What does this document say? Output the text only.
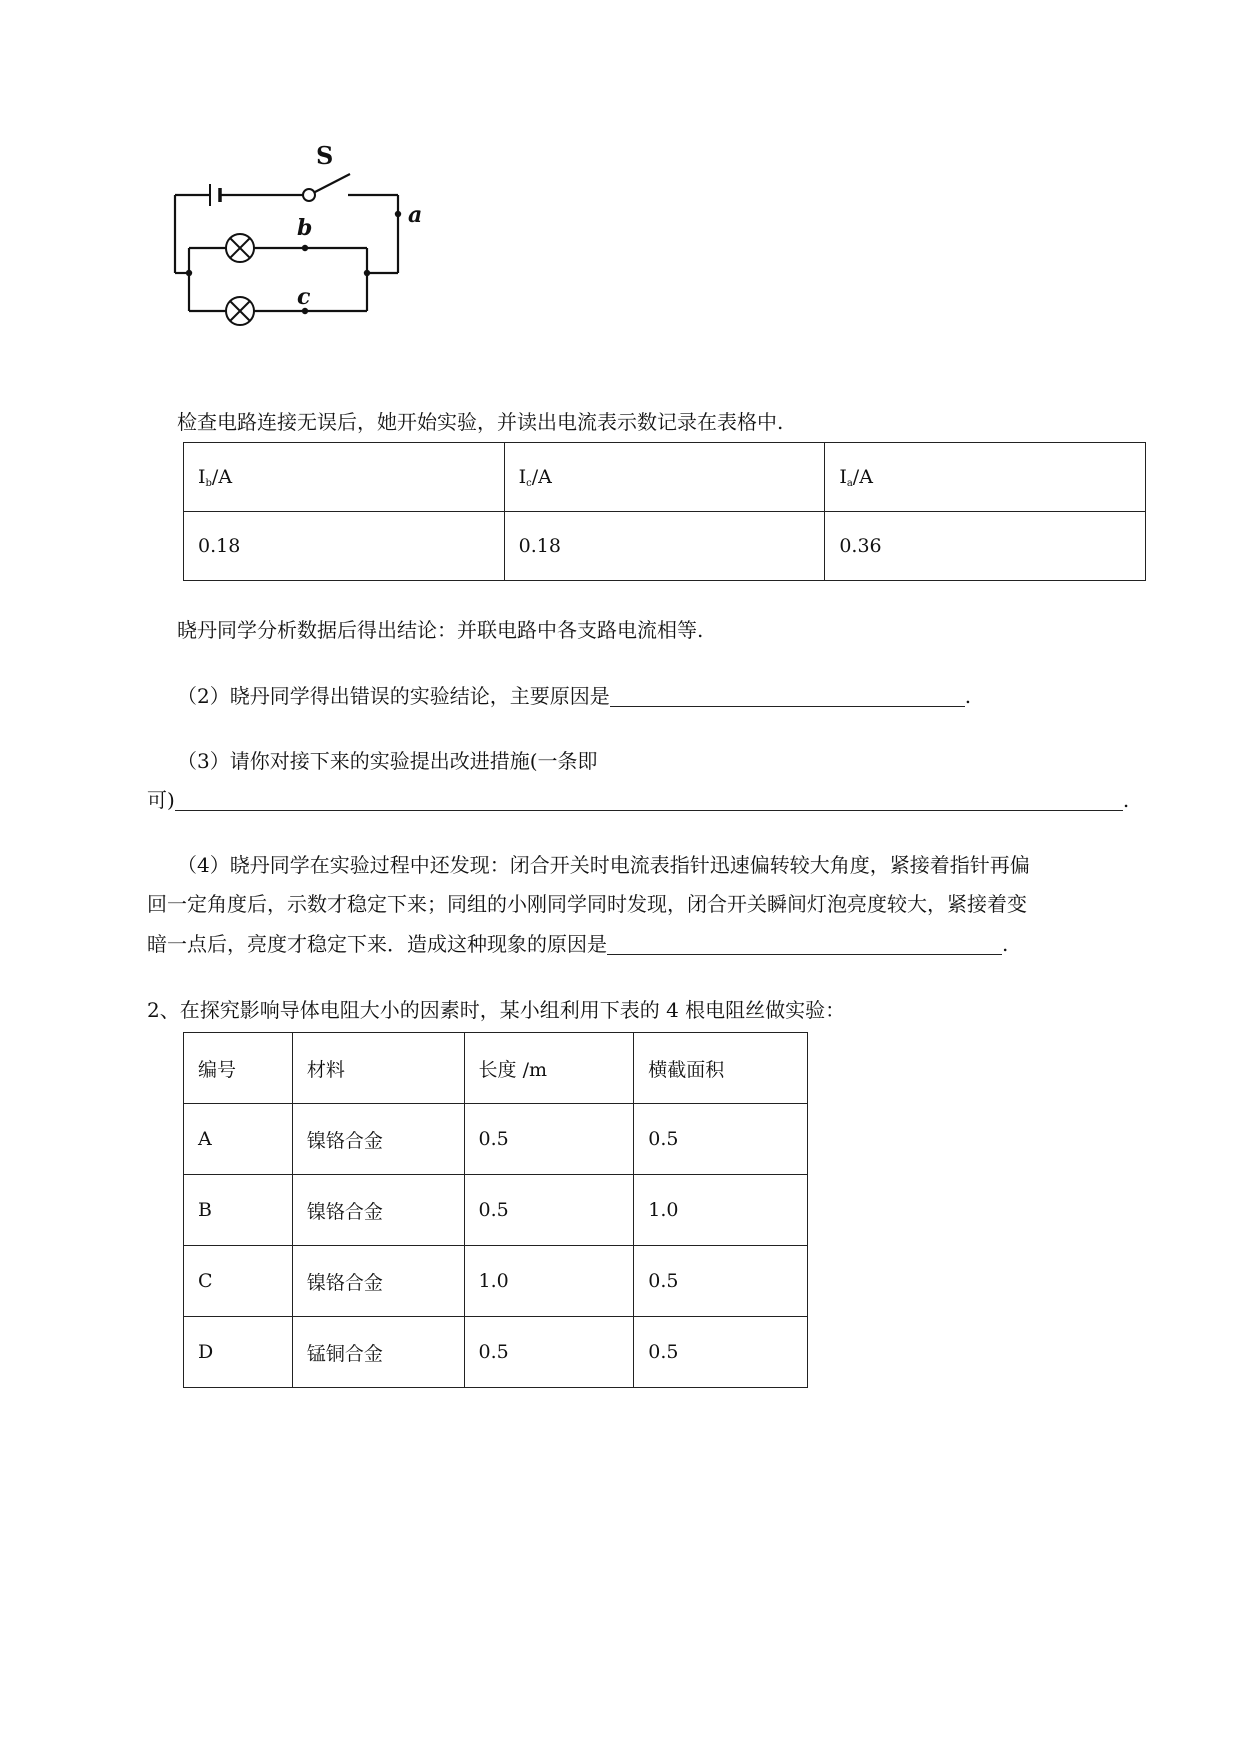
S
a
b
c
检查电路连接无误后，她开始实验，并读出电流表示数记录在表格中.
$I_b/A$	$I_c/A$	$I_a/A$
0.18	0.18	0.36
晓丹同学分析数据后得出结论：并联电路中各支路电流相等.
（2）晓丹同学得出错误的实验结论，主要原因是	.
（3）请你对接下来的实验提出改进措施(一条即
可)	.
（4）晓丹同学在实验过程中还发现：闭合开关时电流表指针迅速偏转较大角度，紧接着指针再偏
回一定角度后，示数才稳定下来；同组的小刚同学同时发现，闭合开关瞬间灯泡亮度较大，紧接着变
暗一点后，亮度才稳定下来．造成这种现象的原因是	.
2、在探究影响导体电阻大小的因素时，某小组利用下表的 4 根电阻丝做实验：
编号	材料	长度 /m	横截面积
A	镍铬合金	0.5	0.5
B	镍铬合金	0.5	1.0
C	镍铬合金	1.0	0.5
D	锰铜合金	0.5	0.5
